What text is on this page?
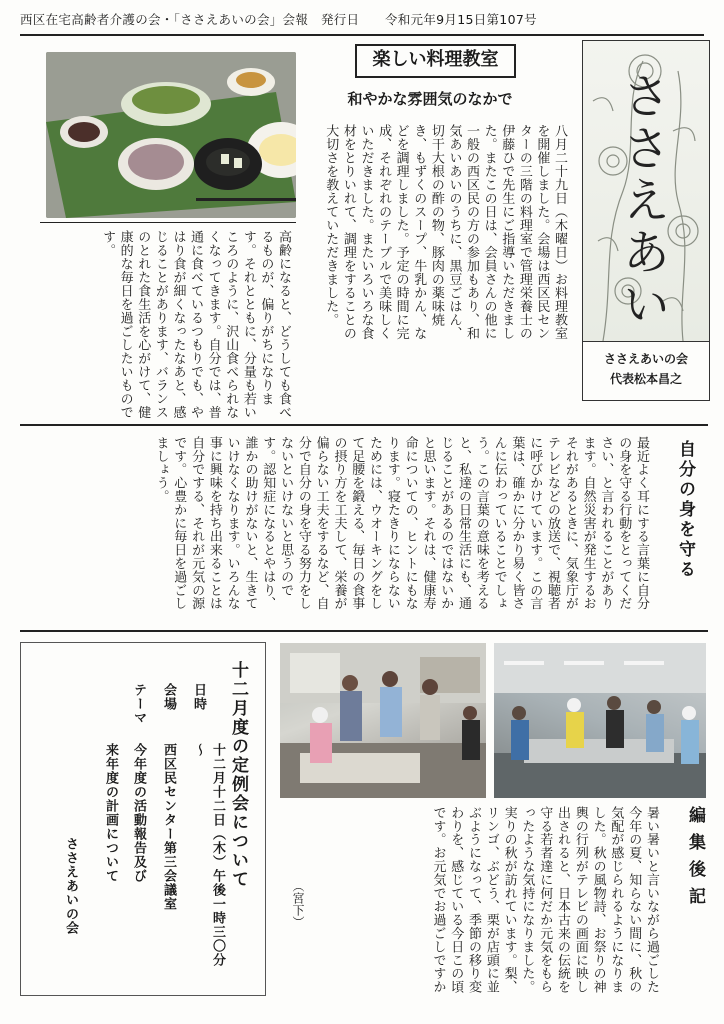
西区在宅高齢者介護の会・「ささえあいの会」会報　発行日　　令和元年9月15日第107号
楽しい料理教室
和やかな雰囲気のなかで
八月二十九日（木曜日）お料理教室を開催しました。会場は西区民センターの三階の料理室で管理栄養士の伊藤ひで先生にご指導いただきました。またこの日は、会員さんの他に一般の西区民の方の参加もあり、和気あいあいのうちに、黒豆ごはん、切干大根の酢の物、豚肉の薬味焼き、もずくのスープ、牛乳かん、などを調理しました。予定の時間に完成、それぞれのテーブルで美味しくいただきました。またいろいろな食材をとりいれて、調理をすることの大切さを教えていただきました。
高齢になると、どうしても食べるものが、偏りがちになります。それとともに、分量も若いころのように、沢山食べられなくなってきます。自分では、普通に食べているつもりでも、やはり食が細くなったなあと、感じることがあります、バランスのとれた食生活を心がけて、健康的な毎日を過ごしたいものです。	ささえあい
ささえあいの会
代表松本昌之
自分の身を守る
最近よく耳にする言葉に自分の身を守る行動をとってください、と言われることがあります。自然災害が発生するおそれがあるときに、気象庁がテレビなどの放送で、視聴者に呼びかけています。この言葉は、確かに分かり易く皆さんに伝わっていることでしょう。この言葉の意味を考えると、私達の日常生活にも、通じることがあるのではないかと思います。それは、健康寿命についての、ヒントにもなります。寝たきりにならないためには、ウオーキングをして足腰を鍛える、毎日の食事の摂り方を工夫して、栄養が偏らない工夫をするなど、自分で自分の身を守る努力をしないといけないと思うのです。認知症になるとやはり、誰かの助けがないと、生きていけなくなります。いろんな事に興味を持ち出来ることは自分でする、それが元気の源です。心豊かに毎日を過ごしましょう。
十二月度の定例会について
日時
十二月十二日（木）午後一時三〇分～
会場
西区民センター第三会議室
テーマ
今年度の活動報告及び
来年度の計画について
ささえあいの会	編集後記
暑い暑いと言いながら過ごした今年の夏、知らない間に、秋の気配が感じられるようになりました。秋の風物詩、お祭りの神輿の行列がテレビの画面に映し出されると、日本古来の伝統を守る若者達に何だか元気をもらったような気持になりました。実りの秋が訪れています。梨、リンゴ、ぶどう、栗が店頭に並ぶようになって、季節の移り変わりを、感じている今日この頃です。お元気でお過ごしですか
（宮下）
